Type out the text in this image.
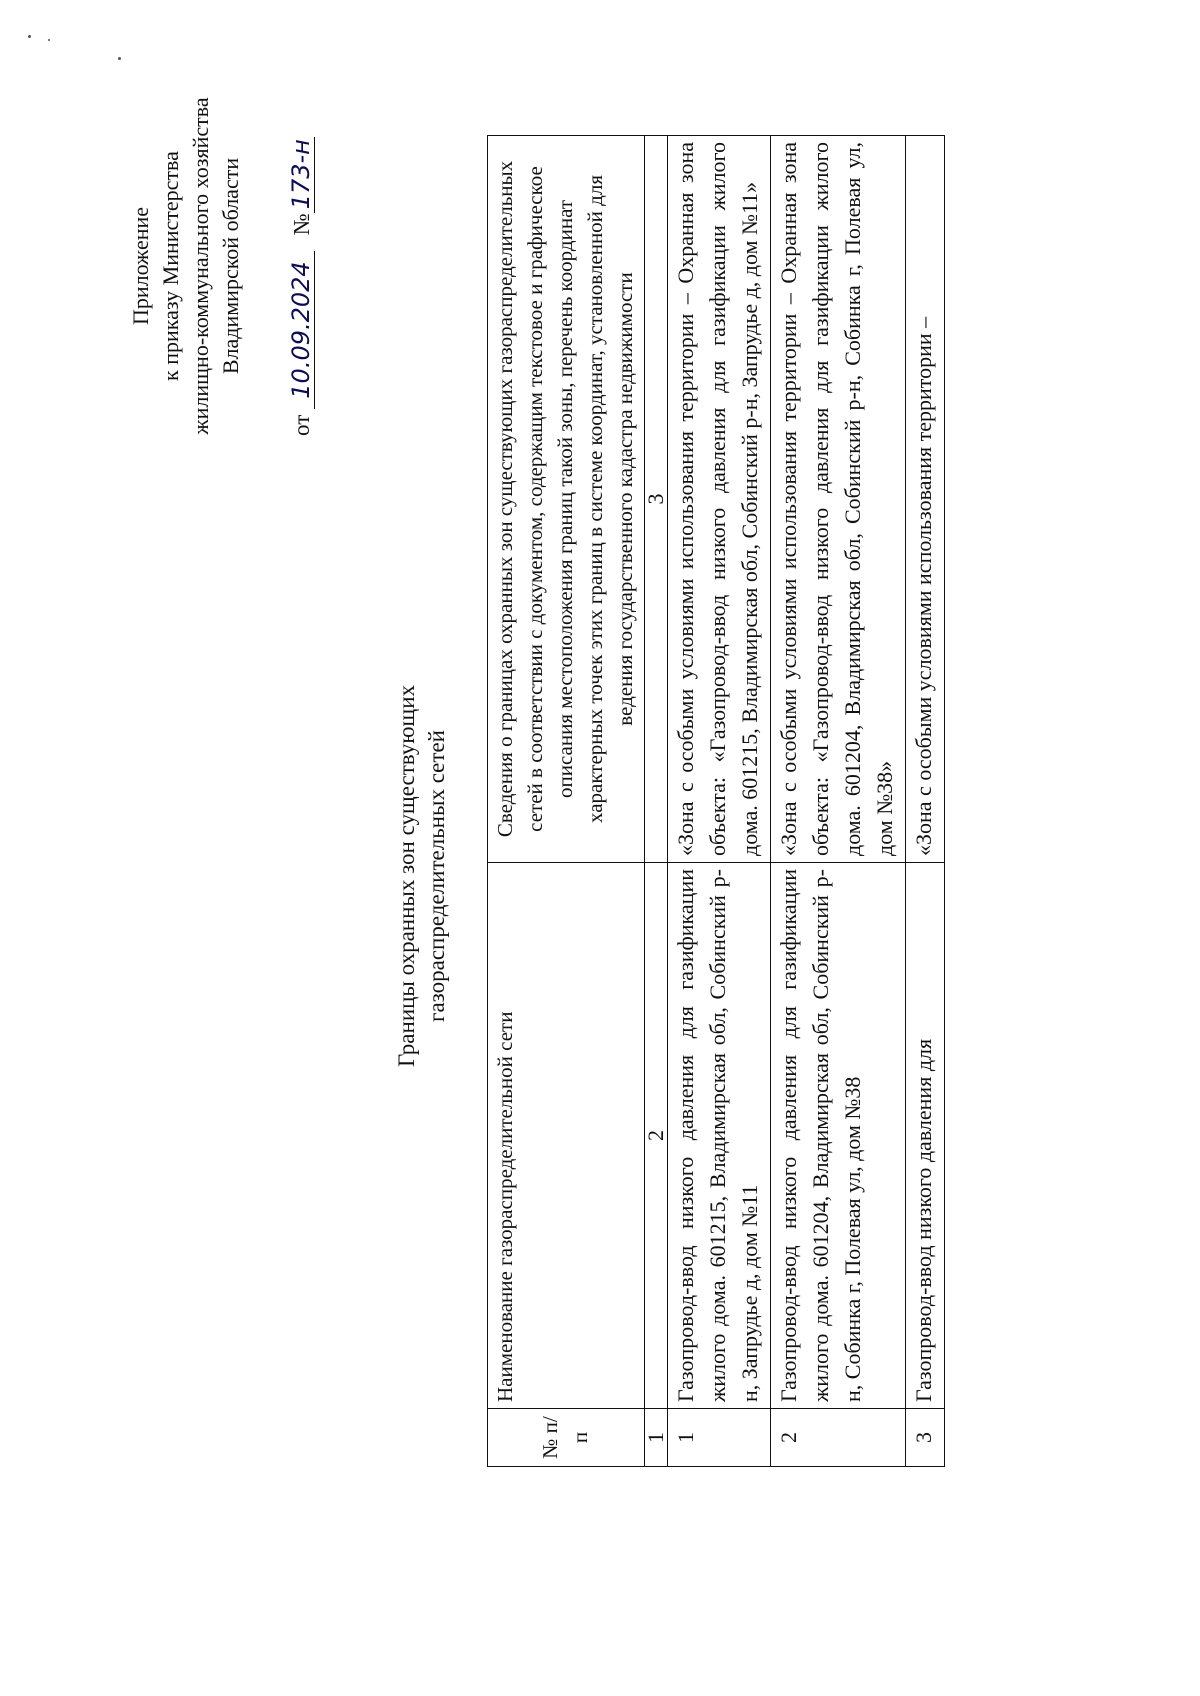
Приложение к приказу Министерства жилищно-коммунального хозяйства Владимирской области
от 10.09.2024 №173-н
Границы охранных зон существующих газораспределительных сетей
№ п/п	Наименование газораспределительной сети	Сведения о границах охранных зон существующих газораспределительных сетей в соответствии с документом, содержащим текстовое и графическое описания местоположения границ такой зоны, перечень координат характерных точек этих границ в системе координат, установленной для ведения государственного кадастра недвижимости
1	2	3
1	Газопровод-ввод низкого давления для газификации жилого дома. 601215, Владимирская обл, Собинский р-н, Запрудье д, дом №11	«Зона с особыми условиями использования территории – Охранная зона объекта: «Газопровод-ввод низкого давления для газификации жилого дома. 601215, Владимирская обл, Собинский р-н, Запрудье д, дом №11»
2	Газопровод-ввод низкого давления для газификации жилого дома. 601204, Владимирская обл, Собинский р-н, Собинка г, Полевая ул, дом №38	«Зона с особыми условиями использования территории – Охранная зона объекта: «Газопровод-ввод низкого давления для газификации жилого дома. 601204, Владимирская обл, Собинский р-н, Собинка г, Полевая ул, дом №38»
3	Газопровод-ввод низкого давления для	«Зона с особыми условиями использования территории –
